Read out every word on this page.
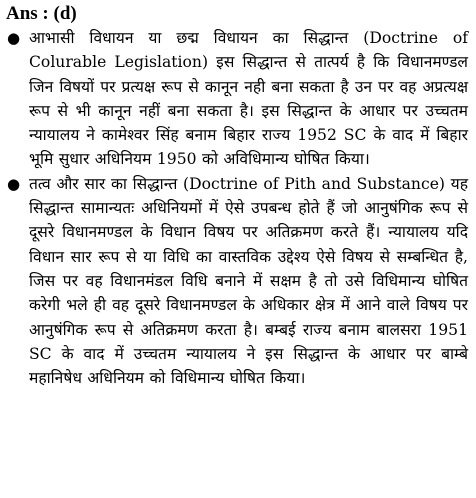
Ans : (d)
● आभासी विधायन या छद्म विधायन का सिद्धान्त (Doctrine of Colurable Legislation) इस सिद्धान्त से तात्पर्य है कि विधानमण्डल जिन विषयों पर प्रत्यक्ष रूप से कानून नही बना सकता है उन पर वह अप्रत्यक्ष रूप से भी कानून नहीं बना सकता है। इस सिद्धान्त के आधार पर उच्चतम न्यायालय ने कामेश्वर सिंह बनाम बिहार राज्य 1952 SC के वाद में बिहार भूमि सुधार अधिनियम 1950 को अविधिमान्य घोषित किया।
● तत्व और सार का सिद्धान्त (Doctrine of Pith and Substance) यह सिद्धान्त सामान्यतः अधिनियमों में ऐसे उपबन्ध होते हैं जो आनुषंगिक रूप से दूसरे विधानमण्डल के विधान विषय पर अतिक्रमण करते हैं। न्यायालय यदि विधान सार रूप से या विधि का वास्तविक उद्देश्य ऐसे विषय से सम्बन्धित है, जिस पर वह विधानमंडल विधि बनाने में सक्षम है तो उसे विधिमान्य घोषित करेगी भले ही वह दूसरे विधानमण्डल के अधिकार क्षेत्र में आने वाले विषय पर आनुषंगिक रूप से अतिक्रमण करता है। बम्बई राज्य बनाम बालसरा 1951 SC के वाद में उच्चतम न्यायालय ने इस सिद्धान्त के आधार पर बाम्बे महानिषेध अधिनियम को विधिमान्य घोषित किया।
